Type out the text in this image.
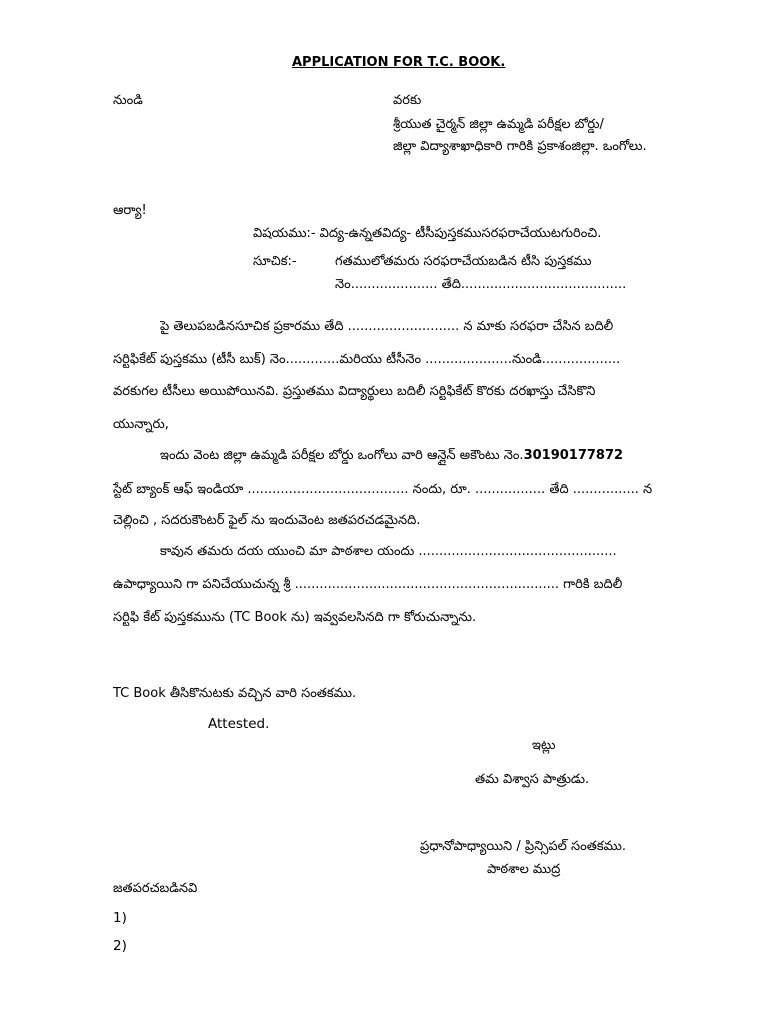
APPLICATION FOR T.C. BOOK.
నుండి	వరకు
శ్రీయుత చైర్మన్ జిల్లా ఉమ్మడి పరీక్షల బోర్డు/
జిల్లా విద్యాశాఖాధికారి గారికి ప్రకాశంజిల్లా. ఒంగోలు.
ఆర్యా!
విషయము:- విద్య-ఉన్నతవిద్య- టీసీపుస్తకముసరఫరాచేయుటగురించి.
సూచిక:-	గతములోతమరు సరఫరాచేయబడిన టీసి పుస్తకము
నెం..................... తేది........................................
పై తెలుపబడినసూచిక ప్రకారము తేది ........................... న మాకు సరఫరా చేసిన బదిలీ
సర్టిఫికేట్ పుస్తకము (టీసీ బుక్) నెం.............మరియు టీసీనెం .....................నుండి...................
వరకుగల టీసీలు అయిపోయినవి. ప్రస్తుతము విద్యార్థులు బదిలీ సర్టిఫికేట్ కొరకు దరఖాస్తు చేసికొని
యున్నారు,
ఇందు వెంట జిల్లా ఉమ్మడి పరీక్షల బోర్డు ఒంగోలు వారి ఆన్లైన్ అకౌంటు నెం.30190177872
స్టేట్ బ్యాంక్ ఆఫ్ ఇండియా ....................................... నందు, రూ. ................. తేది ................ న
చెల్లించి , సదరుకౌంటర్ ఫైల్ ను ఇందువెంట జతపరచడమైనది.
కావున తమరు దయ యుంచి మా పాఠశాల యందు ................................................
ఉపాధ్యాయిని గా పనిచేయుచున్న శ్రీ ................................................................ గారికి బదిలీ
సర్టిఫి కేట్ పుస్తకమును (TC Book ను) ఇవ్వవలసినది గా కోరుచున్నాను.
TC Book తీసికొనుటకు వచ్చిన వారి సంతకము.
Attested.
ఇట్లు
తమ విశ్వాస పాత్రుడు.
ప్రధానోపాధ్యాయిని / ప్రిన్సిపల్ సంతకము.
పాఠశాల ముద్ర
జతపరచబడినవి
1)
2)
